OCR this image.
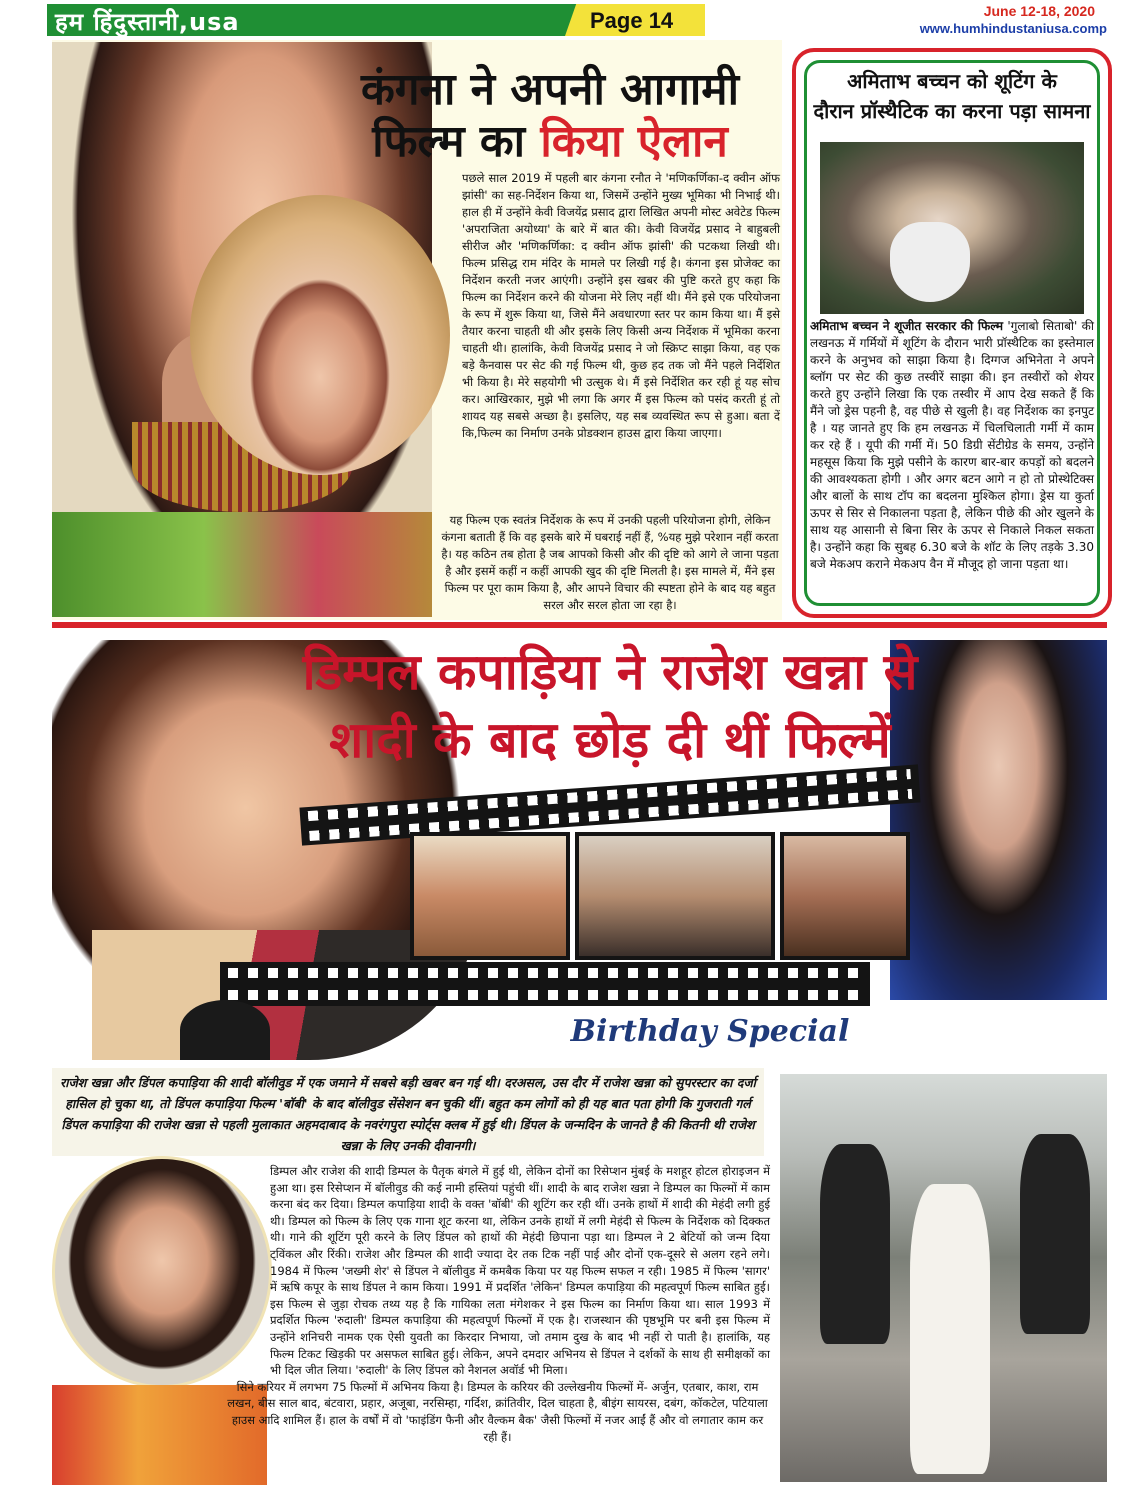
हम हिंदुस्तानी,usa	Page 14	June 12-18, 2020
www.humhindustaniusa.comp
कंगना ने अपनी आगामी
फिल्म का किया ऐलान
पछले साल 2019 में पहली बार कंगना रनौत ने 'मणिकर्णिका-द क्वीन ऑफ झांसी' का सह-निर्देशन किया था, जिसमें उन्होंने मुख्य भूमिका भी निभाई थी। हाल ही में उन्होंने केवी विजयेंद्र प्रसाद द्वारा लिखित अपनी मोस्ट अवेटेड फिल्म 'अपराजिता अयोध्या' के बारे में बात की। केवी विजयेंद्र प्रसाद ने बाहुबली सीरीज और 'मणिकर्णिका: द क्वीन ऑफ झांसी' की पटकथा लिखी थी। फिल्म प्रसिद्ध राम मंदिर के मामले पर लिखी गई है। कंगना इस प्रोजेक्ट का निर्देशन करती नजर आएंगी। उन्होंने इस खबर की पुष्टि करते हुए कहा कि फिल्म का निर्देशन करने की योजना मेरे लिए नहीं थी। मैंने इसे एक परियोजना के रूप में शुरू किया था, जिसे मैंने अवधारणा स्तर पर काम किया था। मैं इसे तैयार करना चाहती थी और इसके लिए किसी अन्य निर्देशक में भूमिका करना चाहती थी। हालांकि, केवी विजयेंद्र प्रसाद ने जो स्क्रिप्ट साझा किया, वह एक बड़े कैनवास पर सेट की गई फिल्म थी, कुछ हद तक जो मैंने पहले निर्देशित भी किया है। मेरे सहयोगी भी उत्सुक थे। मैं इसे निर्देशित कर रही हूं यह सोच कर। आखिरकार, मुझे भी लगा कि अगर मैं इस फिल्म को पसंद करती हूं तो शायद यह सबसे अच्छा है। इसलिए, यह सब व्यवस्थित रूप से हुआ। बता दें कि,फिल्म का निर्माण उनके प्रोडक्शन हाउस द्वारा किया जाएगा।
यह फिल्म एक स्वतंत्र निर्देशक के रूप में उनकी पहली परियोजना होगी, लेकिन कंगना बताती हैं कि वह इसके बारे में घबराई नहीं हैं, %यह मुझे परेशान नहीं करता है। यह कठिन तब होता है जब आपको किसी और की दृष्टि को आगे ले जाना पड़ता है और इसमें कहीं न कहीं आपकी खुद की दृष्टि मिलती है। इस मामले में, मैंने इस फिल्म पर पूरा काम किया है, और आपने विचार की स्पष्टता होने के बाद यह बहुत सरल और सरल होता जा रहा है।
अमिताभ बच्चन को शूटिंग के
दौरान प्रॉस्थैटिक का करना पड़ा सामना
अमिताभ बच्चन ने शूजीत सरकार की फिल्म 'गुलाबो सिताबो' की लखनऊ में गर्मियों में शूटिंग के दौरान भारी प्रॉस्थैटिक का इस्तेमाल करने के अनुभव को साझा किया है। दिग्गज अभिनेता ने अपने ब्लॉग पर सेट की कुछ तस्वीरें साझा की। इन तस्वीरों को शेयर करते हुए उन्होंने लिखा कि एक तस्वीर में आप देख सकते हैं कि मैंने जो ड्रेस पहनी है, वह पीछे से खुली है। वह निर्देशक का इनपुट है । यह जानते हुए कि हम लखनऊ में चिलचिलाती गर्मी में काम कर रहे हैं । यूपी की गर्मी में। 50 डिग्री सेंटीग्रेड के समय, उन्होंने महसूस किया कि मुझे पसीने के कारण बार-बार कपड़ों को बदलने की आवश्यकता होगी । और अगर बटन आगे न हो तो प्रोस्थेटिक्स और बालों के साथ टॉप का बदलना मुश्किल होगा। ड्रेस या कुर्ता ऊपर से सिर से निकालना पड़ता है, लेकिन पीछे की ओर खुलने के साथ यह आसानी से बिना सिर के ऊपर से निकाले निकल सकता है। उन्होंने कहा कि सुबह 6.30 बजे के शॉट के लिए तड़के 3.30 बजे मेकअप कराने मेकअप वैन में मौजूद हो जाना पड़ता था।
डिम्पल कपाड़िया ने राजेश खन्ना से
शादी के बाद छोड़ दी थीं फिल्में
Birthday Special
राजेश खन्ना और डिंपल कपाड़िया की शादी बॉलीवुड में एक जमाने में सबसे बड़ी खबर बन गई थी। दरअसल, उस दौर में राजेश खन्ना को सुपरस्टार का दर्जा हासिल हो चुका था, तो डिंपल कपाड़िया फिल्म 'बॉबी' के बाद बॉलीवुड सेंसेशन बन चुकी थीं। बहुत कम लोगों को ही यह बात पता होगी कि गुजराती गर्ल डिंपल कपाड़िया की राजेश खन्ना से पहली मुलाकात अहमदाबाद के नवरंगपुरा स्पोर्ट्स क्लब में हुई थी। डिंपल के जन्मदिन के जानते है की कितनी थी राजेश खन्ना के लिए उनकी दीवानगी।
डिम्पल और राजेश की शादी डिम्पल के पैतृक बंगले में हुई थी, लेकिन दोनों का रिसेप्शन मुंबई के मशहूर होटल होराइजन में हुआ था। इस रिसेप्शन में बॉलीवुड की कई नामी हस्तियां पहुंची थीं। शादी के बाद राजेश खन्ना ने डिम्पल का फिल्मों में काम करना बंद कर दिया। डिम्पल कपाड़िया शादी के वक्त 'बॉबी' की शूटिंग कर रही थीं। उनके हाथों में शादी की मेहंदी लगी हुई थी। डिम्पल को फिल्म के लिए एक गाना शूट करना था, लेकिन उनके हाथों में लगी मेहंदी से फिल्म के निर्देशक को दिक्कत थी। गाने की शूटिंग पूरी करने के लिए डिंपल को हाथों की मेहंदी छिपाना पड़ा था। डिम्पल ने 2 बेटियों को जन्म दिया ट्विंकल और रिंकी। राजेश और डिम्पल की शादी ज्यादा देर तक टिक नहीं पाई और दोनों एक-दूसरे से अलग रहने लगे। 1984 में फिल्म 'जख्मी शेर' से डिंपल ने बॉलीवुड में कमबैक किया पर यह फिल्म सफल न रही। 1985 में फिल्म 'सागर' में ऋषि कपूर के साथ डिंपल ने काम किया। 1991 में प्रदर्शित 'लेकिन' डिम्पल कपाड़िया की महत्वपूर्ण फिल्म साबित हुई। इस फिल्म से जुड़ा रोचक तथ्य यह है कि गायिका लता मंगेशकर ने इस फिल्म का निर्माण किया था। साल 1993 में प्रदर्शित फिल्म 'रुदाली' डिम्पल कपाड़िया की महत्वपूर्ण फिल्मों में एक है। राजस्थान की पृष्ठभूमि पर बनी इस फिल्म में उन्होंने शनिचरी नामक एक ऐसी युवती का किरदार निभाया, जो तमाम दुख के बाद भी नहीं रो पाती है। हालांकि, यह फिल्म टिकट खिड़की पर असफल साबित हुई। लेकिन, अपने दमदार अभिनय से डिंपल ने दर्शकों के साथ ही समीक्षकों का भी दिल जीत लिया। 'रुदाली' के लिए डिंपल को नैशनल अवॉर्ड भी मिला।
सिने करियर में लगभग 75 फिल्मों में अभिनय किया है। डिम्पल के करियर की उल्लेखनीय फिल्मों में- अर्जुन, एतबार, काश, राम लखन, बीस साल बाद, बंटवारा, प्रहार, अजूबा, नरसिम्हा, गर्दिश, क्रांतिवीर, दिल चाहता है, बीइंग सायरस, दबंग, कॉकटेल, पटियाला हाउस आदि शामिल हैं। हाल के वर्षों में वो 'फाइंडिंग फैनी और वैल्कम बैक' जैसी फिल्मों में नजर आईं हैं और वो लगातार काम कर रही हैं।
